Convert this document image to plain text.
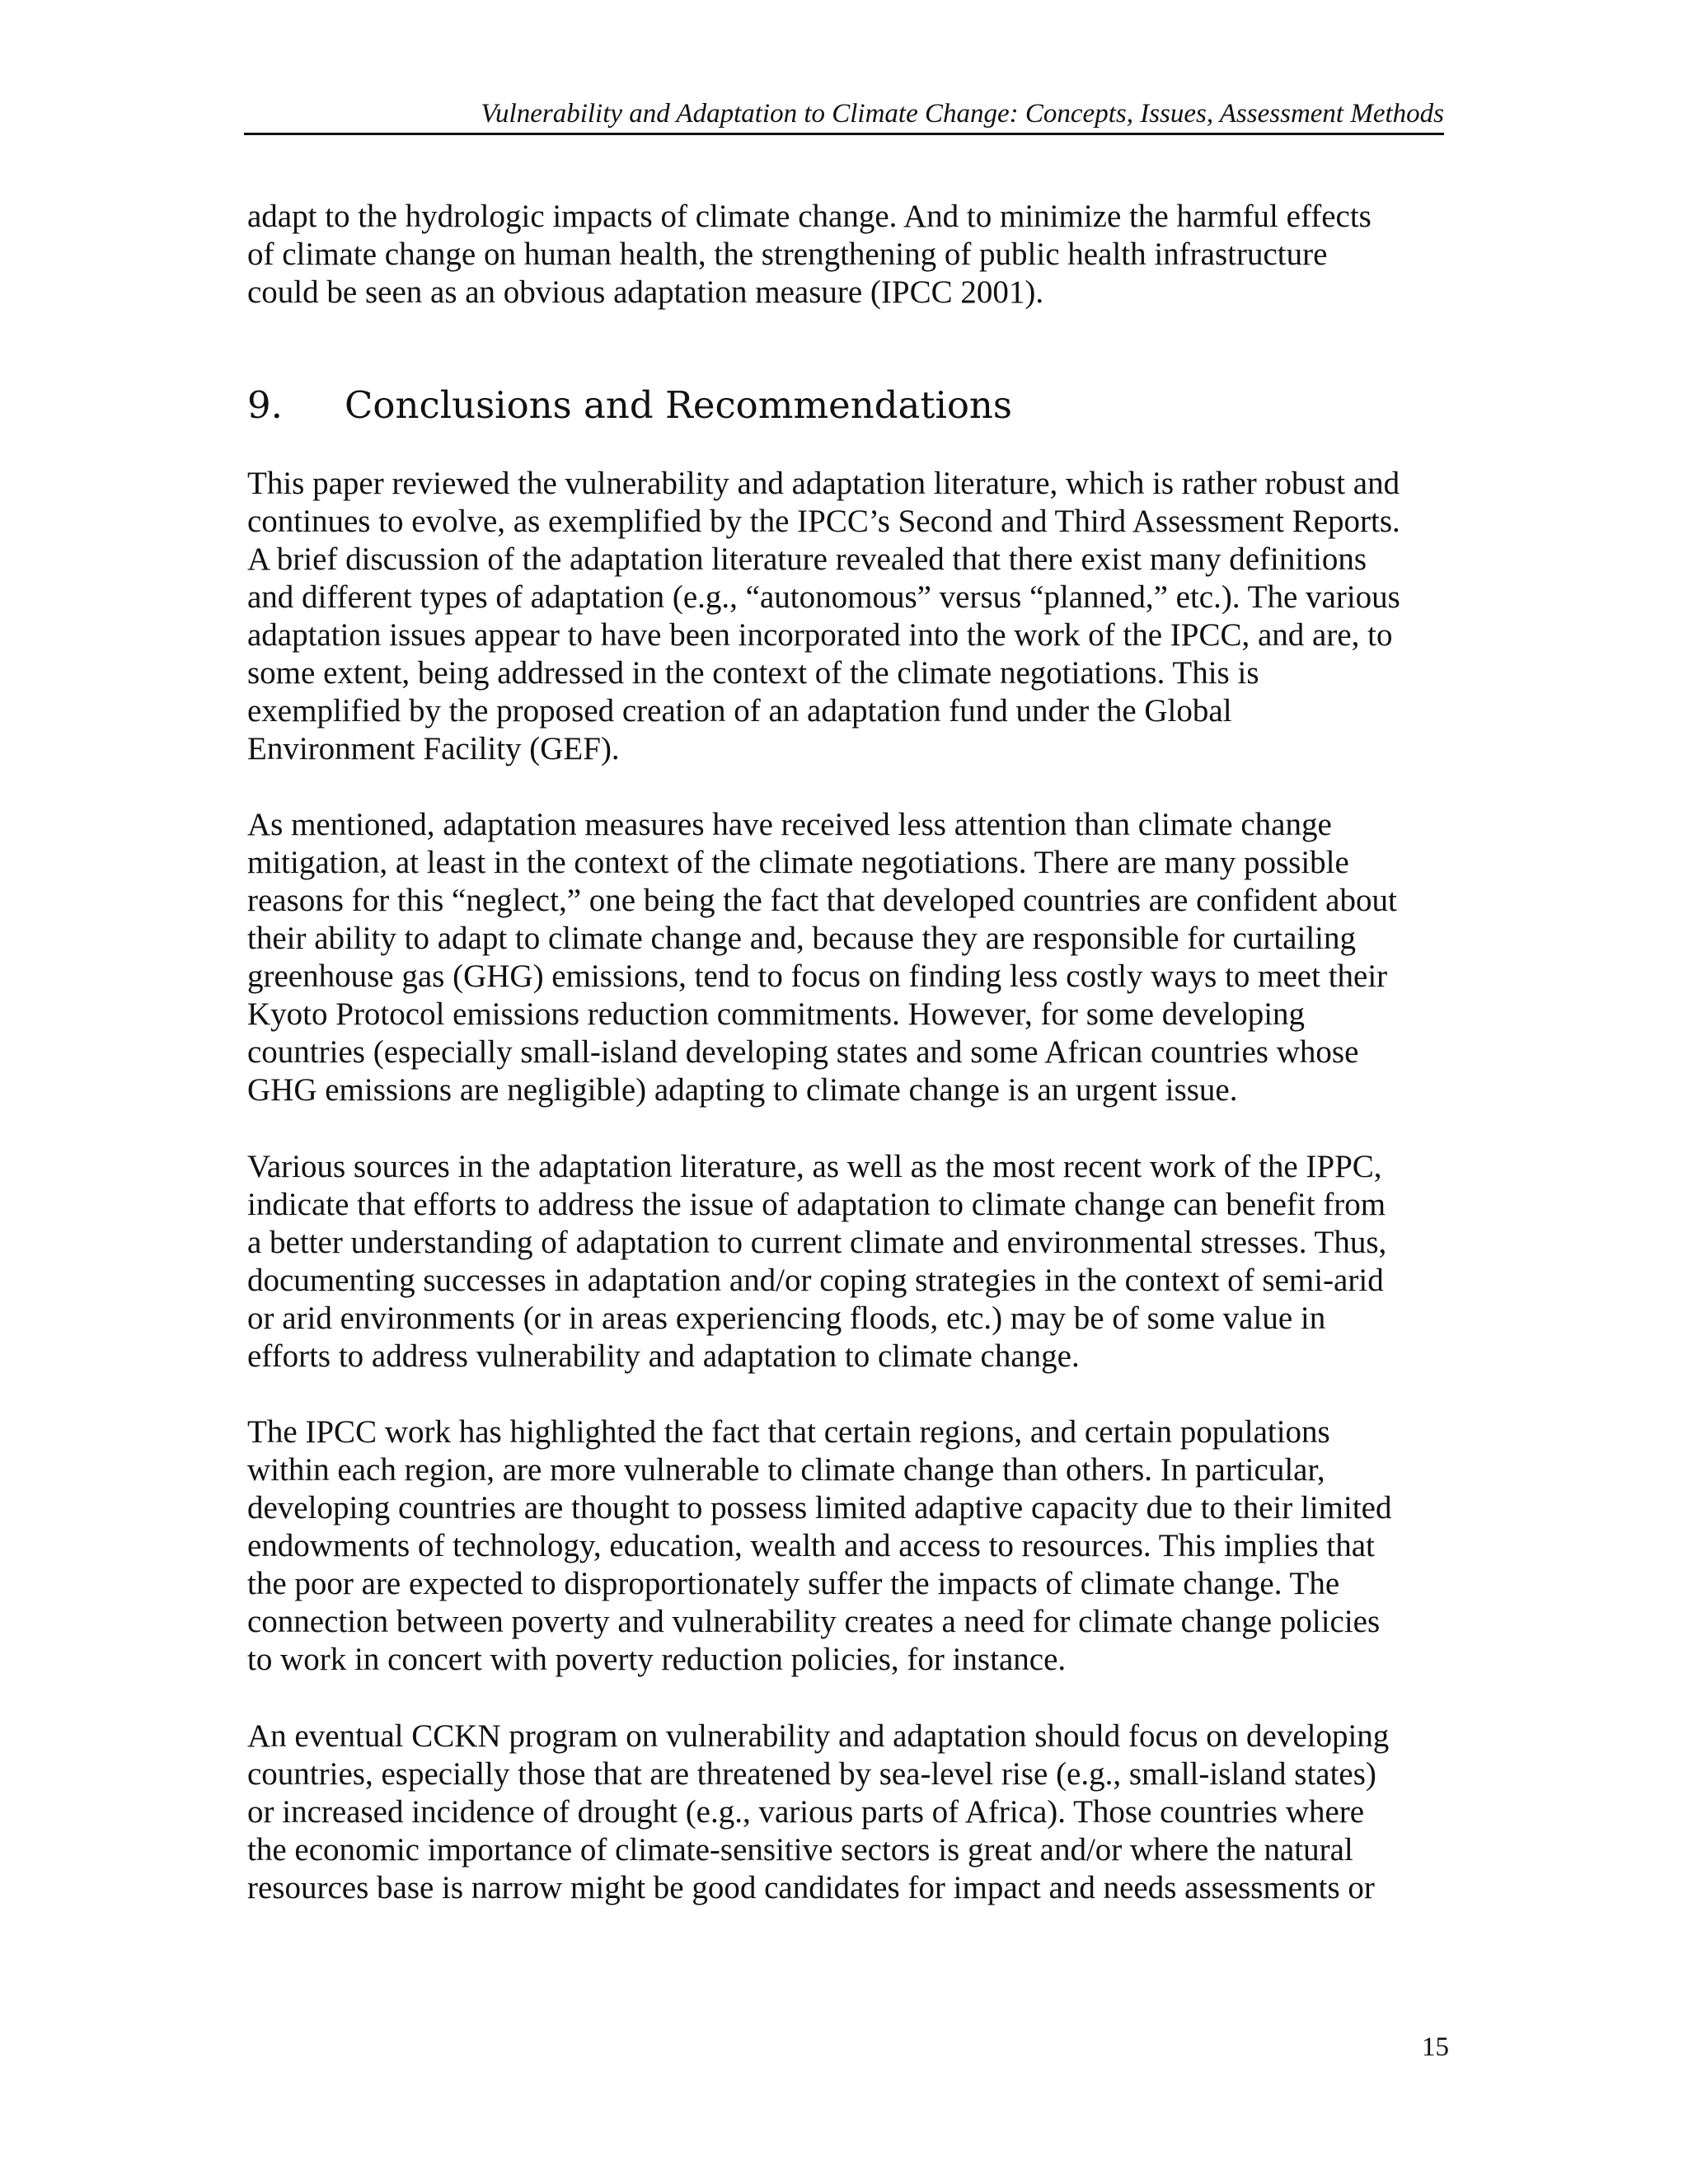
Vulnerability and Adaptation to Climate Change: Concepts, Issues, Assessment Methods

adapt to the hydrologic impacts of climate change. And to minimize the harmful effects
of climate change on human health, the strengthening of public health infrastructure
could be seen as an obvious adaptation measure (IPCC 2001).

9. Conclusions and Recommendations

This paper reviewed the vulnerability and adaptation literature, which is rather robust and
continues to evolve, as exemplified by the IPCC’s Second and Third Assessment Reports.
A brief discussion of the adaptation literature revealed that there exist many definitions
and different types of adaptation (e.g., “autonomous” versus “planned,” etc.). The various
adaptation issues appear to have been incorporated into the work of the IPCC, and are, to
some extent, being addressed in the context of the climate negotiations. This is
exemplified by the proposed creation of an adaptation fund under the Global
Environment Facility (GEF).

As mentioned, adaptation measures have received less attention than climate change
mitigation, at least in the context of the climate negotiations. There are many possible
reasons for this “neglect,” one being the fact that developed countries are confident about
their ability to adapt to climate change and, because they are responsible for curtailing
greenhouse gas (GHG) emissions, tend to focus on finding less costly ways to meet their
Kyoto Protocol emissions reduction commitments. However, for some developing
countries (especially small-island developing states and some African countries whose
GHG emissions are negligible) adapting to climate change is an urgent issue.

Various sources in the adaptation literature, as well as the most recent work of the IPPC,
indicate that efforts to address the issue of adaptation to climate change can benefit from
a better understanding of adaptation to current climate and environmental stresses. Thus,
documenting successes in adaptation and/or coping strategies in the context of semi-arid
or arid environments (or in areas experiencing floods, etc.) may be of some value in
efforts to address vulnerability and adaptation to climate change.

The IPCC work has highlighted the fact that certain regions, and certain populations
within each region, are more vulnerable to climate change than others. In particular,
developing countries are thought to possess limited adaptive capacity due to their limited
endowments of technology, education, wealth and access to resources. This implies that
the poor are expected to disproportionately suffer the impacts of climate change. The
connection between poverty and vulnerability creates a need for climate change policies
to work in concert with poverty reduction policies, for instance.

An eventual CCKN program on vulnerability and adaptation should focus on developing
countries, especially those that are threatened by sea-level rise (e.g., small-island states)
or increased incidence of drought (e.g., various parts of Africa). Those countries where
the economic importance of climate-sensitive sectors is great and/or where the natural
resources base is narrow might be good candidates for impact and needs assessments or

15
